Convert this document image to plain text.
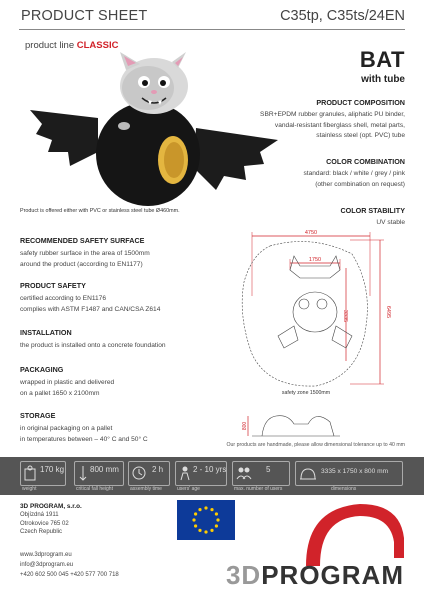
PRODUCT SHEET	C35tp, C35ts/24EN
product line CLASSIC
BAT
with tube
PRODUCT COMPOSITION
SBR+EPDM rubber granules, aliphatic PU binder,
vandal-resistant fiberglass shell, metal parts,
stainless steel (opt. PVC) tube
COLOR COMBINATION
standard: black / white / grey / pink
(other combination on request)
COLOR STABILITY
UV stable
Product is offered either with PVC or stainless steel tube Ø460mm.
RECOMMENDED SAFETY SURFACE
safety rubber surface in the area of 1500mm
around the product (according to EN1177)
PRODUCT SAFETY
certified according to EN1176
complies with ASTM F1487 and CAN/CSA Z614
INSTALLATION
the product is installed onto a concrete foundation
PACKAGING
wrapped in plastic and delivered
on a pallet 1650 x 2100mm
STORAGE
in original packaging on a pallet
in temperatures between – 40° C and 50° C
4750
1750
3335	6495
safety zone 1500mm
800
Our products are handmade, please allow dimensional tolerance up to 40 mm
170 kg
weight
800 mm
critical fall height
2 h
assembly time
2 - 10 yrs
users' age
5
max. number of users
3335 x 1750 x 800 mm
dimensions
3D PROGRAM, s.r.o.
Objízdná 1911
Otrokovice 765 02
Czech Republic
www.3dprogram.eu
info@3dprogram.eu
+420 602 500 045 +420 577 700 718	3DPROGRAM
